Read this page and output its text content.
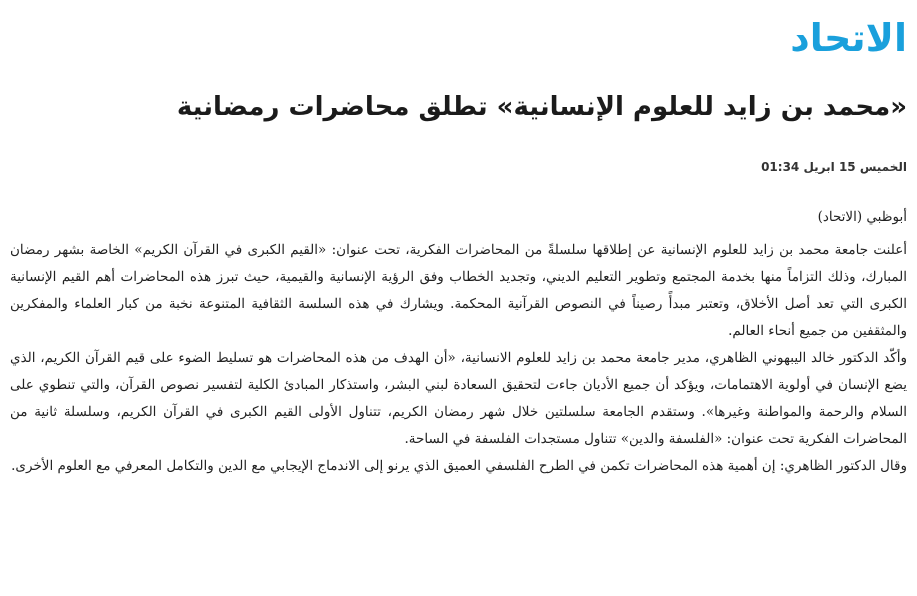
الاتحاد
«محمد بن زايد للعلوم الإنسانية» تطلق محاضرات رمضانية
الخميس 15 ابريل 01:34

أبوظبي (الاتحاد)

أعلنت جامعة محمد بن زايد للعلوم الإنسانية عن إطلاقها سلسلةً من المحاضرات الفكرية، تحت عنوان: «القيم الكبرى في القرآن الكريم» الخاصة بشهر رمضان المبارك، وذلك التزاماً منها بخدمة المجتمع وتطوير التعليم الديني، وتجديد الخطاب وفق الرؤية الإنسانية والقيمية، حيث تبرز هذه المحاضرات أهم القيم الإنسانية الكبرى التي تعد أصل الأخلاق، وتعتبر مبدأً رصيناً في النصوص القرآنية المحكمة. ويشارك في هذه السلسة الثقافية المتنوعة نخبة من كبار العلماء والمفكرين والمثقفين من جميع أنحاء العالم.

وأكّد الدكتور خالد اليبهوني الظاهري، مدير جامعة محمد بن زايد للعلوم الانسانية، «أن الهدف من هذه المحاضرات هو تسليط الضوء على قيم القرآن الكريم، الذي يضع الإنسان في أولوية الاهتمامات، ويؤكد أن جميع الأديان جاءت لتحقيق السعادة لبني البشر، واستذكار المبادئ الكلية لتفسير نصوص القرآن، والتي تنطوي على السلام والرحمة والمواطنة وغيرها». وستقدم الجامعة سلسلتين خلال شهر رمضان الكريم، تتناول الأولى القيم الكبرى في القرآن الكريم، وسلسلة ثانية من المحاضرات الفكرية تحت عنوان: «الفلسفة والدين» تتناول مستجدات الفلسفة في الساحة.

وقال الدكتور الظاهري: إن أهمية هذه المحاضرات تكمن في الطرح الفلسفي العميق الذي يرنو إلى الاندماج الإيجابي مع الدين والتكامل المعرفي مع العلوم الأخرى.
